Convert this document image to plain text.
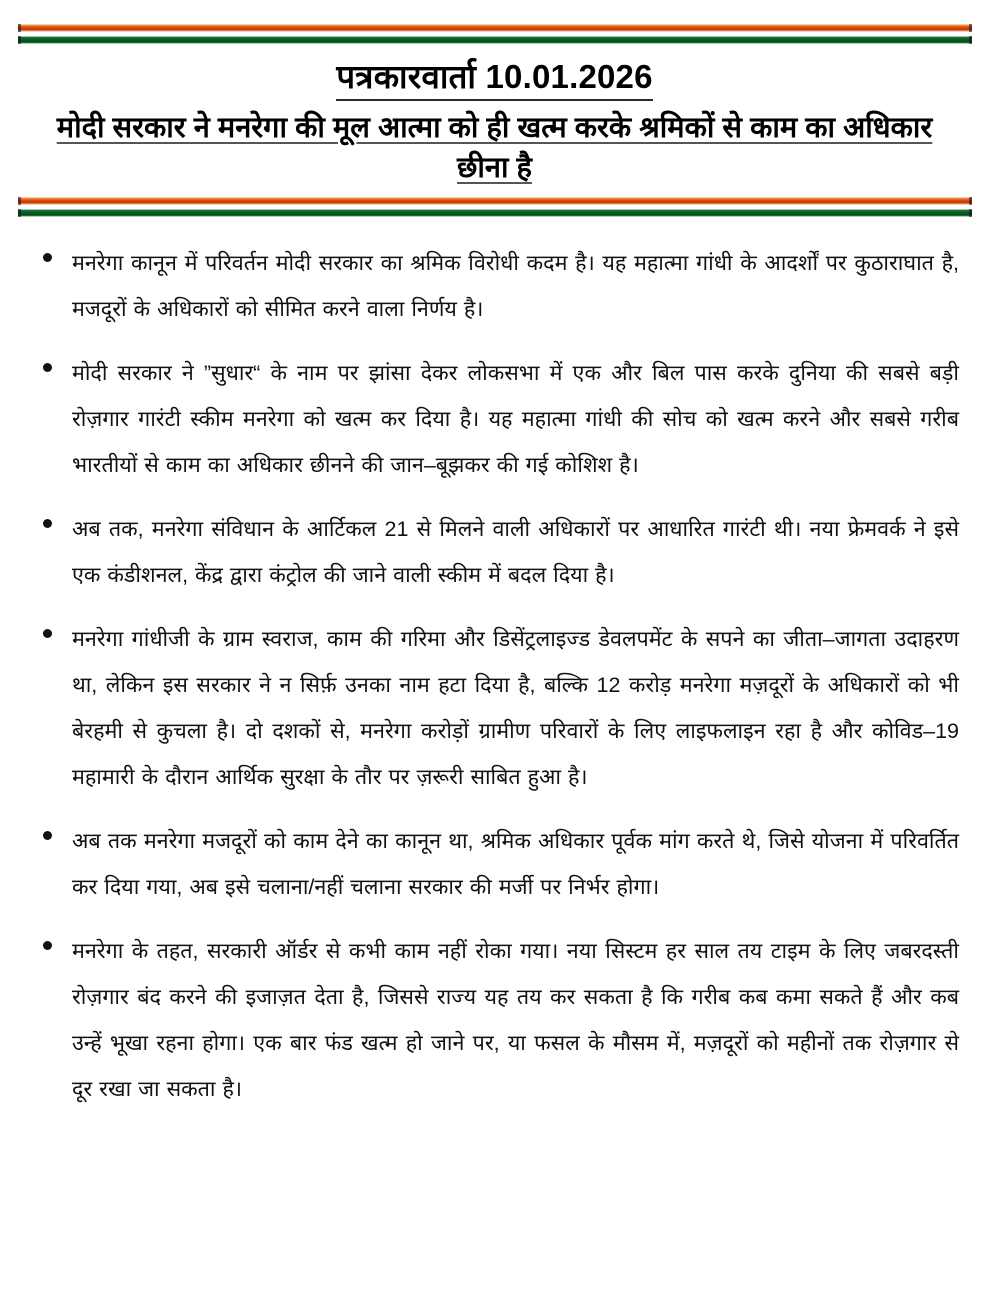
पत्रकारवार्ता 10.01.2026
मोदी सरकार ने मनरेगा की मूल आत्मा को ही खत्म करके श्रमिकों से काम का अधिकार छीना है
मनरेगा कानून में परिवर्तन मोदी सरकार का श्रमिक विरोधी कदम है। यह महात्मा गांधी के आदर्शों पर कुठाराघात है, मजदूरों के अधिकारों को सीमित करने वाला निर्णय है।
मोदी सरकार ने ”सुधार“ के नाम पर झांसा देकर लोकसभा में एक और बिल पास करके दुनिया की सबसे बड़ी रोज़गार गारंटी स्कीम मनरेगा को खत्म कर दिया है। यह महात्मा गांधी की सोच को खत्म करने और सबसे गरीब भारतीयों से काम का अधिकार छीनने की जान–बूझकर की गई कोशिश है।
अब तक, मनरेगा संविधान के आर्टिकल 21 से मिलने वाली अधिकारों पर आधारित गारंटी थी। नया फ्रेमवर्क ने इसे एक कंडीशनल, केंद्र द्वारा कंट्रोल की जाने वाली स्कीम में बदल दिया है।
मनरेगा गांधीजी के ग्राम स्वराज, काम की गरिमा और डिसेंट्रलाइज्ड डेवलपमेंट के सपने का जीता–जागता उदाहरण था, लेकिन इस सरकार ने न सिर्फ़ उनका नाम हटा दिया है, बल्कि 12 करोड़ मनरेगा मज़दूरों के अधिकारों को भी बेरहमी से कुचला है। दो दशकों से, मनरेगा करोड़ों ग्रामीण परिवारों के लिए लाइफलाइन रहा है और कोविड–19 महामारी के दौरान आर्थिक सुरक्षा के तौर पर ज़रूरी साबित हुआ है।
अब तक मनरेगा मजदूरों को काम देने का कानून था, श्रमिक अधिकार पूर्वक मांग करते थे, जिसे योजना में परिवर्तित कर दिया गया, अब इसे चलाना/नहीं चलाना सरकार की मर्जी पर निर्भर होगा।
मनरेगा के तहत, सरकारी ऑर्डर से कभी काम नहीं रोका गया। नया सिस्टम हर साल तय टाइम के लिए जबरदस्ती रोज़गार बंद करने की इजाज़त देता है, जिससे राज्य यह तय कर सकता है कि गरीब कब कमा सकते हैं और कब उन्हें भूखा रहना होगा। एक बार फंड खत्म हो जाने पर, या फसल के मौसम में, मज़दूरों को महीनों तक रोज़गार से दूर रखा जा सकता है।
